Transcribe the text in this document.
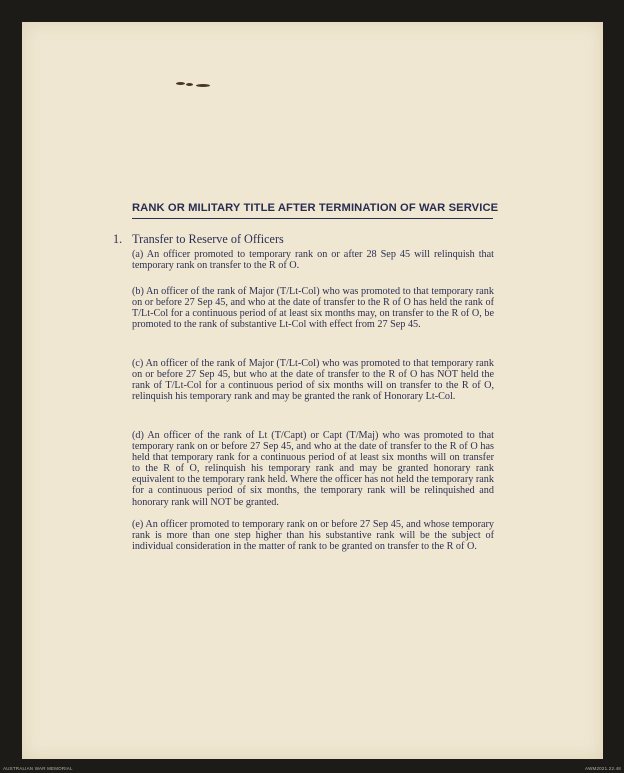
RANK OR MILITARY TITLE AFTER TERMINATION OF WAR SERVICE
1. Transfer to Reserve of Officers
(a) An officer promoted to temporary rank on or after 28 Sep 45 will relinquish that temporary rank on transfer to the R of O.
(b) An officer of the rank of Major (T/Lt-Col) who was promoted to that temporary rank on or before 27 Sep 45, and who at the date of transfer to the R of O has held the rank of T/Lt-Col for a continuous period of at least six months may, on transfer to the R of O, be promoted to the rank of substantive Lt-Col with effect from 27 Sep 45.
(c) An officer of the rank of Major (T/Lt-Col) who was promoted to that temporary rank on or before 27 Sep 45, but who at the date of transfer to the R of O has NOT held the rank of T/Lt-Col for a continuous period of six months will on transfer to the R of O, relinquish his temporary rank and may be granted the rank of Honorary Lt-Col.
(d) An officer of the rank of Lt (T/Capt) or Capt (T/Maj) who was promoted to that temporary rank on or before 27 Sep 45, and who at the date of transfer to the R of O has held that temporary rank for a continuous period of at least six months will on transfer to the R of O, relinquish his temporary rank and may be granted honorary rank equivalent to the temporary rank held. Where the officer has not held the temporary rank for a continuous period of six months, the temporary rank will be relinquished and honorary rank will NOT be granted.
(e) An officer promoted to temporary rank on or before 27 Sep 45, and whose temporary rank is more than one step higher than his substantive rank will be the subject of individual consideration in the matter of rank to be granted on transfer to the R of O.
AUSTRALIAN WAR MEMORIAL	AWM2021.22.48
